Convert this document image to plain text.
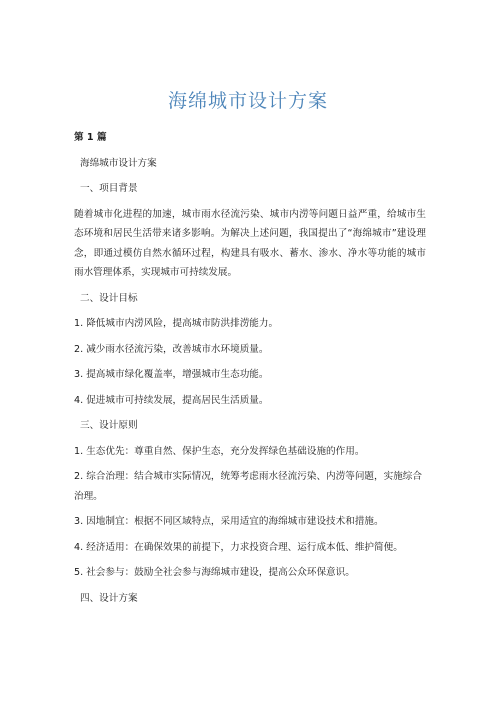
海绵城市设计方案

第 1 篇

海绵城市设计方案

一、项目背景

随着城市化进程的加速，城市雨水径流污染、城市内涝等问题日益严重，给城市生态环境和居民生活带来诸多影响。为解决上述问题，我国提出了“海绵城市”建设理念，即通过模仿自然水循环过程，构建具有吸水、蓄水、渗水、净水等功能的城市雨水管理体系，实现城市可持续发展。

二、设计目标

1. 降低城市内涝风险，提高城市防洪排涝能力。

2. 减少雨水径流污染，改善城市水环境质量。

3. 提高城市绿化覆盖率，增强城市生态功能。

4. 促进城市可持续发展，提高居民生活质量。

三、设计原则

1. 生态优先：尊重自然、保护生态，充分发挥绿色基础设施的作用。

2. 综合治理：结合城市实际情况，统筹考虑雨水径流污染、内涝等问题，实施综合治理。

3. 因地制宜：根据不同区域特点，采用适宜的海绵城市建设技术和措施。

4. 经济适用：在确保效果的前提下，力求投资合理、运行成本低、维护简便。

5. 社会参与：鼓励全社会参与海绵城市建设，提高公众环保意识。

四、设计方案
